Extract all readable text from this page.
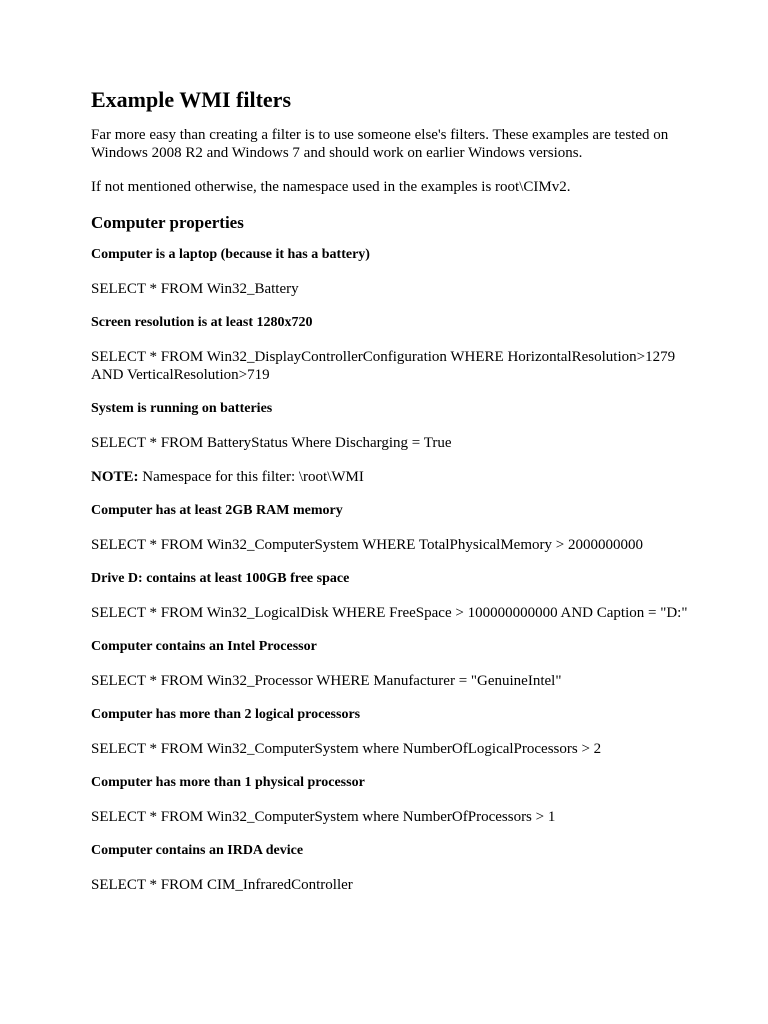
Example WMI filters

Far more easy than creating a filter is to use someone else's filters. These examples are tested on Windows 2008 R2 and Windows 7 and should work on earlier Windows versions.

If not mentioned otherwise, the namespace used in the examples is root\CIMv2.

Computer properties

Computer is a laptop (because it has a battery)

SELECT * FROM Win32_Battery

Screen resolution is at least 1280x720

SELECT * FROM Win32_DisplayControllerConfiguration WHERE HorizontalResolution>1279 AND VerticalResolution>719

System is running on batteries

SELECT * FROM BatteryStatus Where Discharging = True

NOTE: Namespace for this filter: \root\WMI

Computer has at least 2GB RAM memory

SELECT * FROM Win32_ComputerSystem WHERE TotalPhysicalMemory > 2000000000

Drive D: contains at least 100GB free space

SELECT * FROM Win32_LogicalDisk WHERE FreeSpace > 100000000000 AND Caption = "D:"

Computer contains an Intel Processor

SELECT * FROM Win32_Processor WHERE Manufacturer = "GenuineIntel"

Computer has more than 2 logical processors

SELECT * FROM Win32_ComputerSystem where NumberOfLogicalProcessors > 2

Computer has more than 1 physical processor

SELECT * FROM Win32_ComputerSystem where NumberOfProcessors > 1

Computer contains an IRDA device

SELECT * FROM CIM_InfraredController
